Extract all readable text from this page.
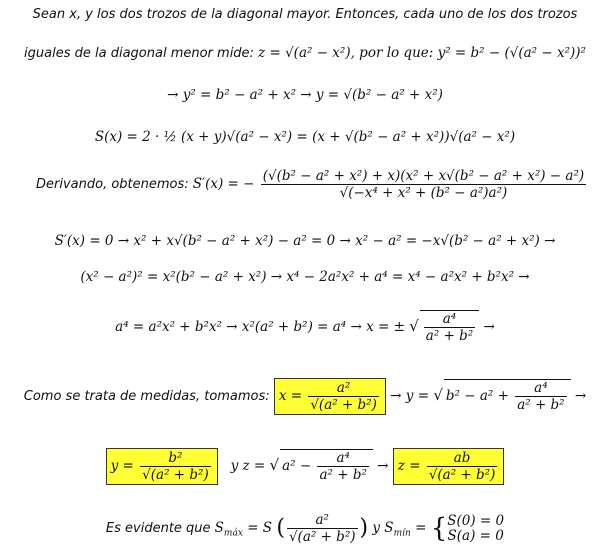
Sean x, y los dos trozos de la diagonal mayor. Entonces, cada uno de los dos trozos
iguales de la diagonal menor mide: z = √(a² − x²), por lo que: y² = b² − (√(a² − x²))²
→ y² = b² − a² + x² → y = √(b² − a² + x²)
S(x) = 2 · ½ (x + y)√(a² − x²) = (x + √(b² − a² + x²))√(a² − x²)
Derivando, obtenemos: S′(x) = − $\frac{\text{(√(b² − a² + x²) + x)(x² + x√(b² − a² + x²) − a²)}}{\text{√(−x⁴ + x² + (b² − a²)a²)}}$
S′(x) = 0 → x² + x√(b² − a² + x²) − a² = 0 → x² − a² = −x√(b² − a² + x²) →
(x² − a²)² = x²(b² − a² + x²) → x⁴ − 2a²x² + a⁴ = x⁴ − a²x² + b²x² →
a⁴ = a²x² + b²x² → x²(a² + b²) = a⁴ → x = ± √ $\frac{\text{a⁴}}{\text{a² + b²}}$ →
Como se trata de medidas, tomamos: $x = \frac{\text{a²}}{\text{√(a² + b²)}} \to y$ = √ $b^2 - a^2 + \frac{\text{a⁴}}{\text{a² + b²}}$ →
$y = \frac{\text{b²}}{\text{√(a² + b²)}}$ y z = √ $a^2 - \frac{\text{a⁴}}{\text{a² + b²}} \to z = \frac{ab}{\text{√(a² + b²)}}$
Es evidente que $S_{máx} = S$ ( $\frac{\text{a²}}{\text{√(a² + b²)}}$ ) y $S_{mín}$ = { S(0) = 0
S(a) = 0
